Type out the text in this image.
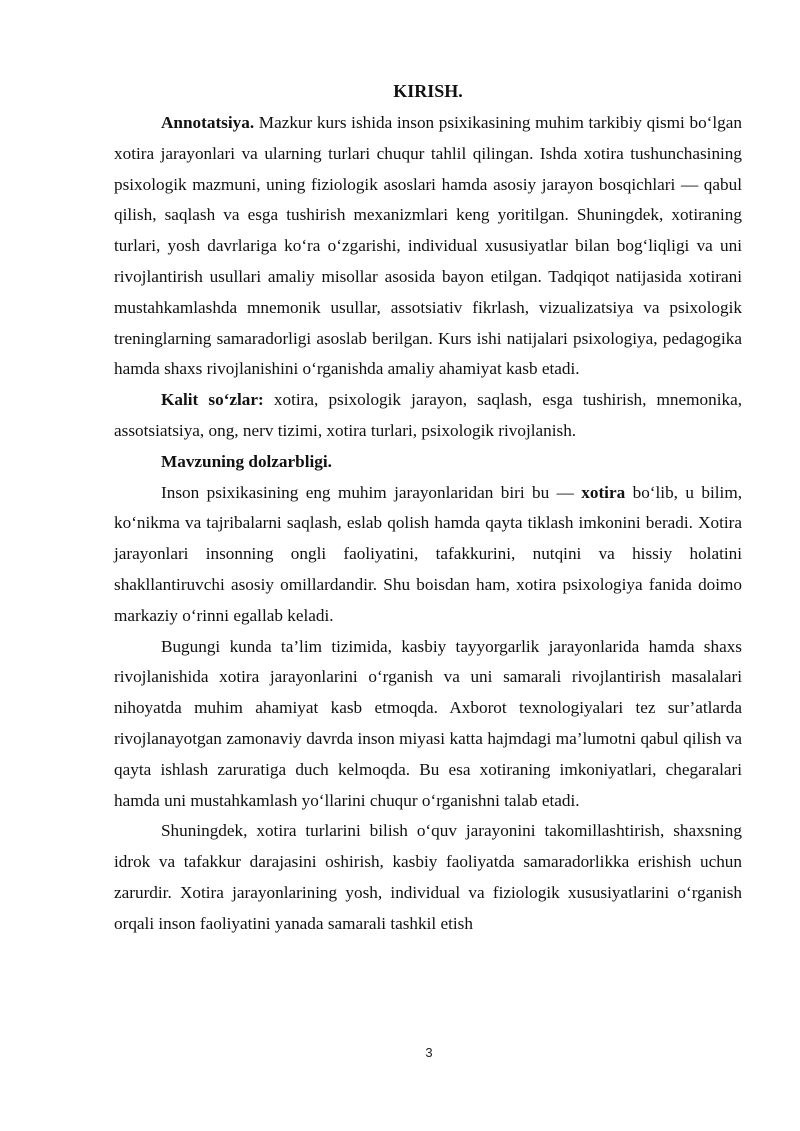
KIRISH.

Annotatsiya. Mazkur kurs ishida inson psixikasining muhim tarkibiy qismi bo‘lgan xotira jarayonlari va ularning turlari chuqur tahlil qilingan. Ishda xotira tushunchasining psixologik mazmuni, uning fiziologik asoslari hamda asosiy jarayon bosqichlari — qabul qilish, saqlash va esga tushirish mexanizmlari keng yoritilgan. Shuningdek, xotiraning turlari, yosh davrlariga ko‘ra o‘zgarishi, individual xususiyatlar bilan bog‘liqligi va uni rivojlantirish usullari amaliy misollar asosida bayon etilgan. Tadqiqot natijasida xotirani mustahkamlashda mnemonik usullar, assotsiativ fikrlash, vizualizatsiya va psixologik treninglarning samaradorligi asoslab berilgan. Kurs ishi natijalari psixologiya, pedagogika hamda shaxs rivojlanishini o‘rganishda amaliy ahamiyat kasb etadi.

Kalit so‘zlar: xotira, psixologik jarayon, saqlash, esga tushirish, mnemonika, assotsiatsiya, ong, nerv tizimi, xotira turlari, psixologik rivojlanish.

Mavzuning dolzarbligi.

Inson psixikasining eng muhim jarayonlaridan biri bu — xotira bo‘lib, u bilim, ko‘nikma va tajribalarni saqlash, eslab qolish hamda qayta tiklash imkonini beradi. Xotira jarayonlari insonning ongli faoliyatini, tafakkurini, nutqini va hissiy holatini shakllantiruvchi asosiy omillardandir. Shu boisdan ham, xotira psixologiya fanida doimo markaziy o‘rinni egallab keladi.

Bugungi kunda ta’lim tizimida, kasbiy tayyorgarlik jarayonlarida hamda shaxs rivojlanishida xotira jarayonlarini o‘rganish va uni samarali rivojlantirish masalalari nihoyatda muhim ahamiyat kasb etmoqda. Axborot texnologiyalari tez sur’atlarda rivojlanayotgan zamonaviy davrda inson miyasi katta hajmdagi ma’lumotni qabul qilish va qayta ishlash zaruratiga duch kelmoqda. Bu esa xotiraning imkoniyatlari, chegaralari hamda uni mustahkamlash yo‘llarini chuqur o‘rganishni talab etadi.

Shuningdek, xotira turlarini bilish o‘quv jarayonini takomillashtirish, shaxsning idrok va tafakkur darajasini oshirish, kasbiy faoliyatda samaradorlikka erishish uchun zarurdir. Xotira jarayonlarining yosh, individual va fiziologik xususiyatlarini o‘rganish orqali inson faoliyatini yanada samarali tashkil etish

3
